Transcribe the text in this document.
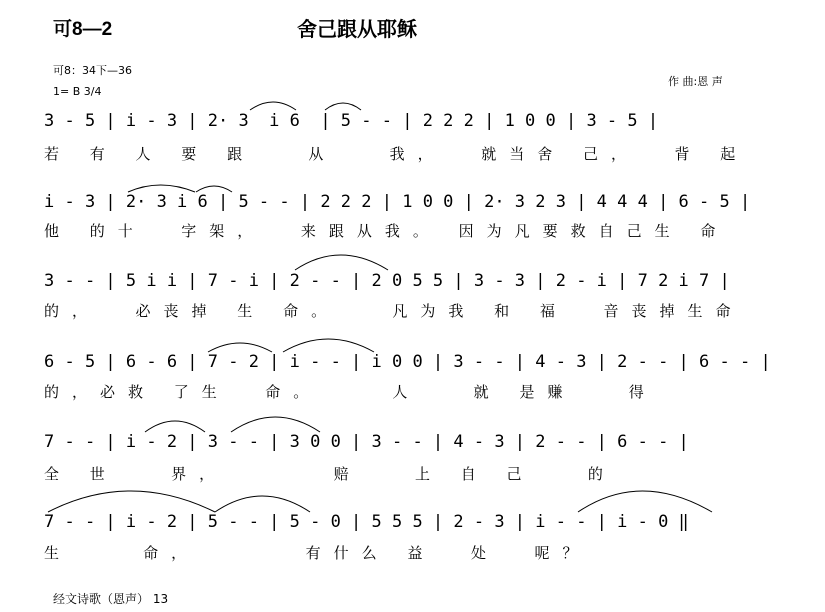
可8—2	舍己跟从耶稣
可8：34下—36
1= B 3/4
作 曲:恩 声
3 - 5 | i - 3 | 2· 3  i 6  | 5 - - | 2 2 2 | 1 0 0 | 3 - 5 |
若 有 人 要 跟   从   我，  就当舍 己，  背 起
i - 3 | 2· 3 i 6 | 5 - - | 2 2 2 | 1 0 0 | 2· 3 2 3 | 4 4 4 | 6 - 5 |
他 的十  字架，  来跟从我。 因为凡要救自己生 命
3 - - | 5 i i | 7 - i | 2 - - | 2 0 5 5 | 3 - 3 | 2 - i | 7 2 i 7 |
的，  必丧掉 生 命。   凡为我 和 福  音丧掉生命
6 - 5 | 6 - 6 | 7 - 2 | i - - | i 0 0 | 3 - - | 4 - 3 | 2 - - | 6 - - |
的，必救 了生  命。    人   就 是赚   得
7 - - | i - 2 | 3 - - | 3 0 0 | 3 - - | 4 - 3 | 2 - - | 6 - - |
全 世   界，      赔   上 自 己   的
7 - - | i - 2 | 5 - - | 5 - 0 | 5 5 5 | 2 - 3 | i - - | i - 0 ‖
生    命，      有什么 益  处  呢？
经文诗歌（恩声） 13
